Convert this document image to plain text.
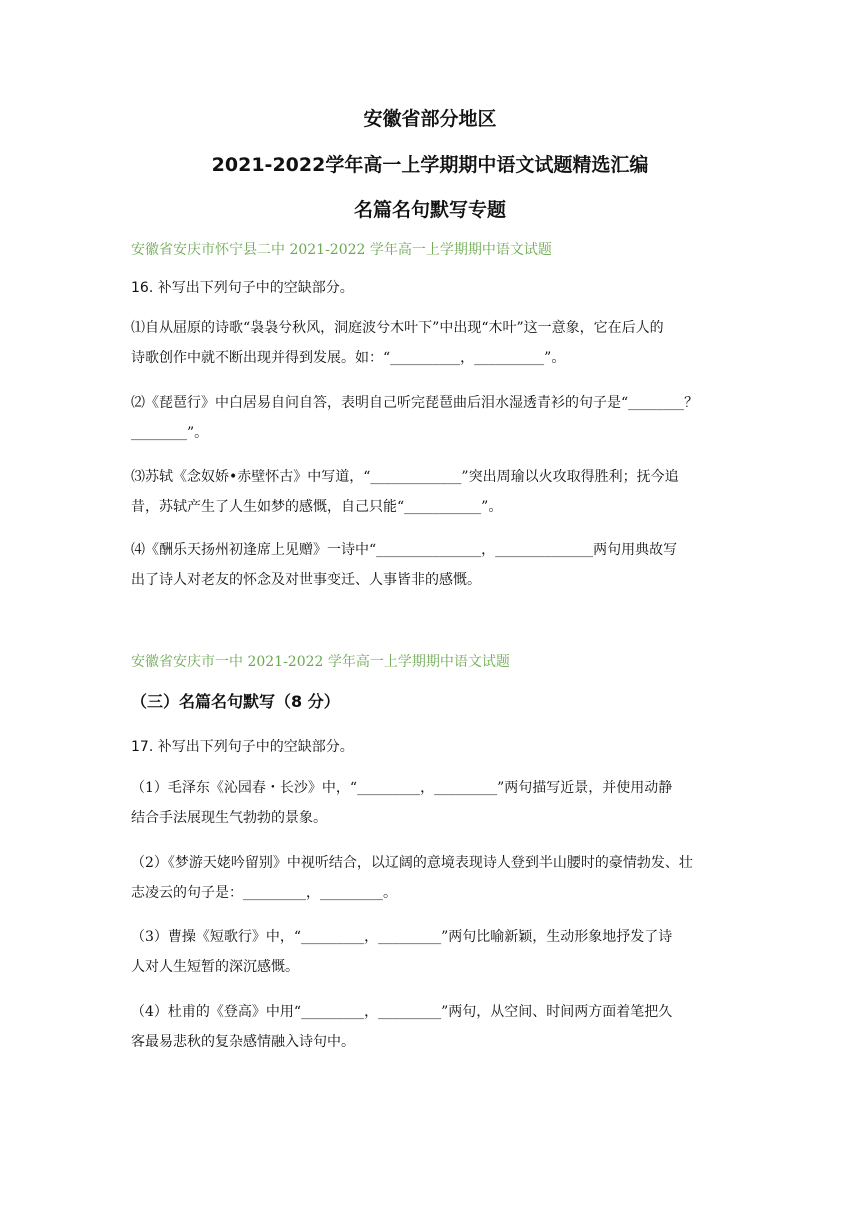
安徽省部分地区
2021-2022学年高一上学期期中语文试题精选汇编
名篇名句默写专题
安徽省安庆市怀宁县二中 2021-2022 学年高一上学期期中语文试题
16. 补写出下列句子中的空缺部分。
⑴自从屈原的诗歌“袅袅兮秋风，洞庭波兮木叶下”中出现“木叶”这一意象，它在后人的
诗歌创作中就不断出现并得到发展。如：“__________，__________”。
⑵《琵琶行》中白居易自问自答，表明自己听完琵琶曲后泪水湿透青衫的句子是“________？
________”。
⑶苏轼《念奴娇•赤壁怀古》中写道，“_____________”突出周瑜以火攻取得胜利；抚今追
昔，苏轼产生了人生如梦的感慨，自己只能“___________”。
⑷《酬乐天扬州初逢席上见赠》一诗中“_______________，______________两句用典故写
出了诗人对老友的怀念及对世事变迁、人事皆非的感慨。
安徽省安庆市一中 2021-2022 学年高一上学期期中语文试题
（三）名篇名句默写（8 分）
17. 补写出下列句子中的空缺部分。
（1）毛泽东《沁园春・长沙》中，“_________，_________”两句描写近景，并使用动静
结合手法展现生气勃勃的景象。
（2）《梦游天姥吟留别》中视听结合，以辽阔的意境表现诗人登到半山腰时的豪情勃发、壮
志凌云的句子是：_________，_________。
（3）曹操《短歌行》中，“_________，_________”两句比喻新颖，生动形象地抒发了诗
人对人生短暂的深沉感慨。
（4）杜甫的《登高》中用“_________，_________”两句，从空间、时间两方面着笔把久
客最易悲秋的复杂感情融入诗句中。
